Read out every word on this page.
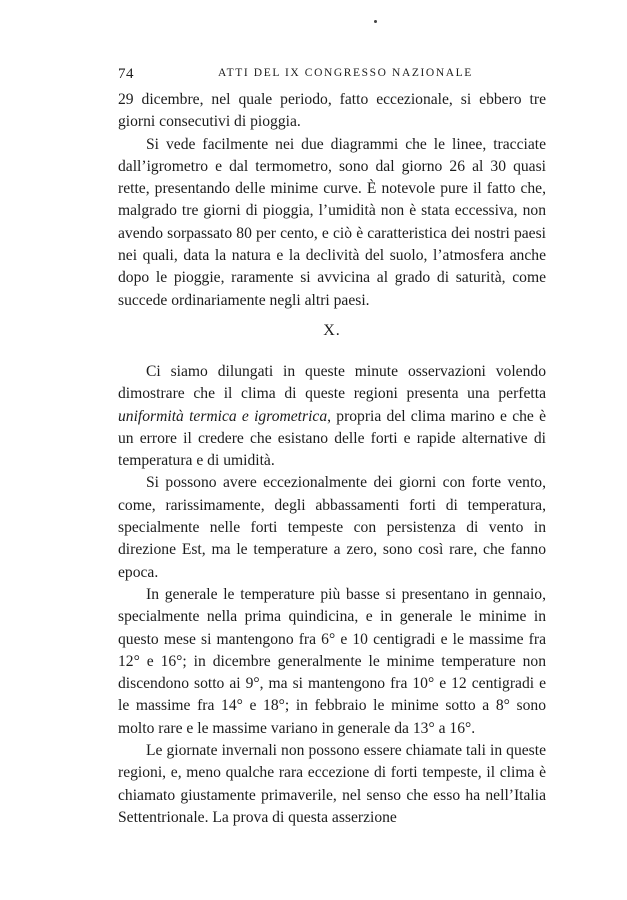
74	ATTI DEL IX CONGRESSO NAZIONALE

29 dicembre, nel quale periodo, fatto eccezionale, si ebbero tre giorni consecutivi di pioggia.

Si vede facilmente nei due diagrammi che le linee, tracciate dall’igrometro e dal termometro, sono dal giorno 26 al 30 quasi rette, presentando delle minime curve. È notevole pure il fatto che, malgrado tre giorni di pioggia, l’umidità non è stata eccessiva, non avendo sorpassato 80 per cento, e ciò è caratteristica dei nostri paesi nei quali, data la natura e la declività del suolo, l’atmosfera anche dopo le pioggie, raramente si avvicina al grado di saturità, come succede ordinariamente negli altri paesi.

X.

Ci siamo dilungati in queste minute osservazioni volendo dimostrare che il clima di queste regioni presenta una perfetta uniformità termica e igrometrica, propria del clima marino e che è un errore il credere che esistano delle forti e rapide alternative di temperatura e di umidità.

Si possono avere eccezionalmente dei giorni con forte vento, come, rarissimamente, degli abbassamenti forti di temperatura, specialmente nelle forti tempeste con persistenza di vento in direzione Est, ma le temperature a zero, sono così rare, che fanno epoca.

In generale le temperature più basse si presentano in gennaio, specialmente nella prima quindicina, e in generale le minime in questo mese si mantengono fra 6° e 10 centigradi e le massime fra 12° e 16°; in dicembre generalmente le minime temperature non discendono sotto ai 9°, ma si mantengono fra 10° e 12 centigradi e le massime fra 14° e 18°; in febbraio le minime sotto a 8° sono molto rare e le massime variano in generale da 13° a 16°.

Le giornate invernali non possono essere chiamate tali in queste regioni, e, meno qualche rara eccezione di forti tempeste, il clima è chiamato giustamente primaverile, nel senso che esso ha nell’Italia Settentrionale. La prova di questa asserzione
